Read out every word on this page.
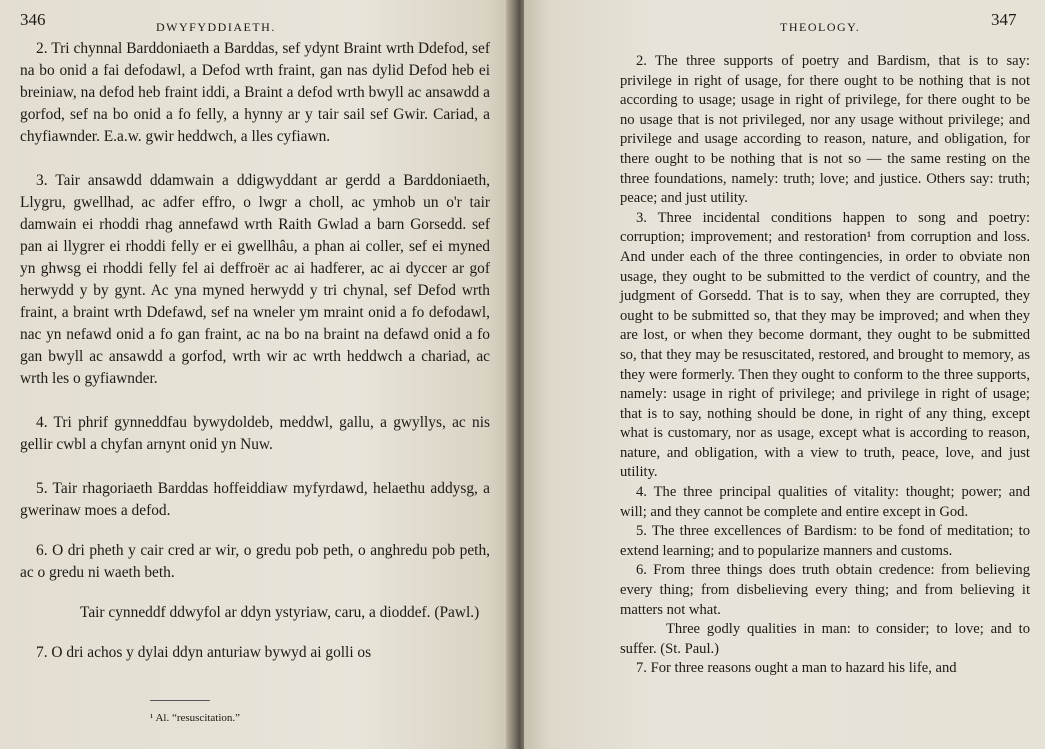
346	DWYFYDDIAETH.

2. Tri chynnal Barddoniaeth a Barddas, sef ydynt Braint wrth Ddefod, sef na bo onid a fai defodawl, a Defod wrth fraint, gan nas dylid Defod heb ei breiniaw, na defod heb fraint iddi, a Braint a defod wrth bwyll ac ansawdd a gorfod, sef na bo onid a fo felly, a hynny ar y tair sail sef Gwir. Cariad, a chyfiawnder. E.a.w. gwir heddwch, a lles cyfiawn.

3. Tair ansawdd ddamwain a ddigwyddant ar gerdd a Barddoniaeth, Llygru, gwellhad, ac adfer effro, o lwgr a choll, ac ymhob un o'r tair damwain ei rhoddi rhag annefawd wrth Raith Gwlad a barn Gorsedd. sef pan ai llygrer ei rhoddi felly er ei gwellhâu, a phan ai coller, sef ei myned yn ghwsg ei rhoddi felly fel ai deffroër ac ai hadferer, ac ai dyccer ar gof herwydd y by gynt. Ac yna myned herwydd y tri chynal, sef Defod wrth fraint, a braint wrth Ddefawd, sef na wneler ym mraint onid a fo defodawl, nac yn nefawd onid a fo gan fraint, ac na bo na braint na defawd onid a fo gan bwyll ac ansawdd a gorfod, wrth wir ac wrth heddwch a chariad, ac wrth les o gyfiawnder.

4. Tri phrif gynneddfau bywydoldeb, meddwl, gallu, a gwyllys, ac nis gellir cwbl a chyfan arnynt onid yn Nuw.

5. Tair rhagoriaeth Barddas hoffeiddiaw myfyrdawd, helaethu addysg, a gwerinaw moes a defod.

6. O dri pheth y cair cred ar wir, o gredu pob peth, o anghredu pob peth, ac o gredu ni waeth beth.

Tair cynneddf ddwyfol ar ddyn ystyriaw, caru, a dioddef. (Pawl.)

7. O dri achos y dylai ddyn anturiaw bywyd ai golli os

¹ Al. “resuscitation.”
THEOLOGY.	347

2. The three supports of poetry and Bardism, that is to say: privilege in right of usage, for there ought to be nothing that is not according to usage; usage in right of privilege, for there ought to be no usage that is not privileged, nor any usage without privilege; and privilege and usage according to reason, nature, and obligation, for there ought to be nothing that is not so — the same resting on the three foundations, namely: truth; love; and justice. Others say: truth; peace; and just utility.

3. Three incidental conditions happen to song and poetry: corruption; improvement; and restoration¹ from corruption and loss. And under each of the three contingencies, in order to obviate non usage, they ought to be submitted to the verdict of country, and the judgment of Gorsedd. That is to say, when they are corrupted, they ought to be submitted so, that they may be improved; and when they are lost, or when they become dormant, they ought to be submitted so, that they may be resuscitated, restored, and brought to memory, as they were formerly. Then they ought to conform to the three supports, namely: usage in right of privilege; and privilege in right of usage; that is to say, nothing should be done, in right of any thing, except what is customary, nor as usage, except what is according to reason, nature, and obligation, with a view to truth, peace, love, and just utility.

4. The three principal qualities of vitality: thought; power; and will; and they cannot be complete and entire except in God.

5. The three excellences of Bardism: to be fond of meditation; to extend learning; and to popularize manners and customs.

6. From three things does truth obtain credence: from believing every thing; from disbelieving every thing; and from believing it matters not what.

Three godly qualities in man: to consider; to love; and to suffer. (St. Paul.)

7. For three reasons ought a man to hazard his life, and
